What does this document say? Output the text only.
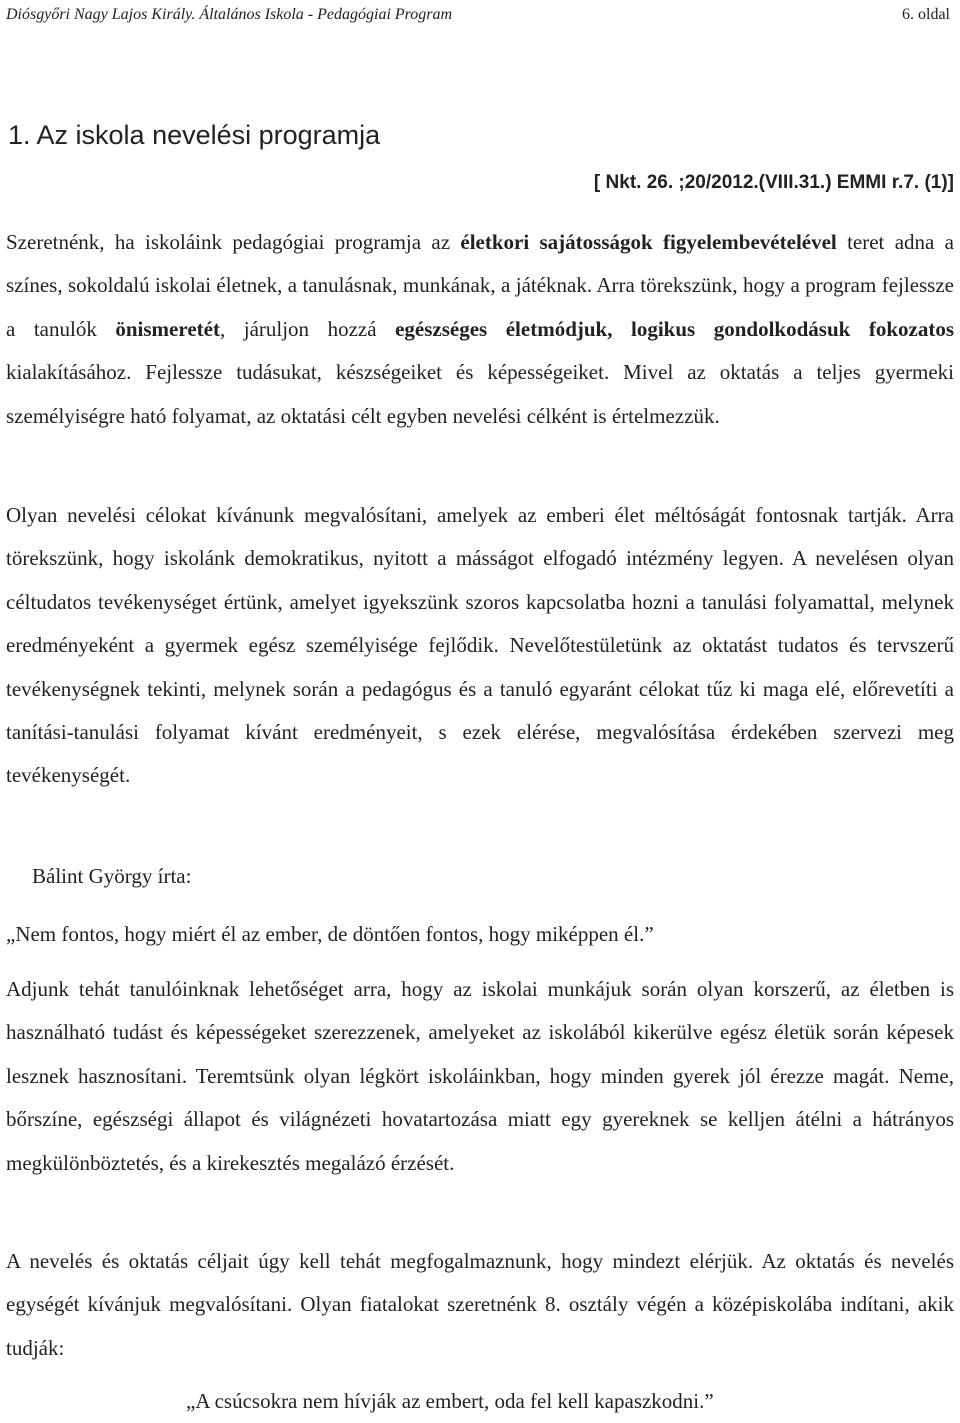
Diósgyőri Nagy Lajos Király. Általános Iskola - Pedagógiai Program	6. oldal
1. Az iskola nevelési programja
[ Nkt. 26. ;20/2012.(VIII.31.) EMMI r.7. (1)]

Szeretnénk, ha iskoláink pedagógiai programja az életkori sajátosságok figyelembevételével teret adna a színes, sokoldalú iskolai életnek, a tanulásnak, munkának, a játéknak. Arra törekszünk, hogy a program fejlessze a tanulók önismeretét, járuljon hozzá egészséges életmódjuk, logikus gondolkodásuk fokozatos kialakításához. Fejlessze tudásukat, készségeiket és képességeiket. Mivel az oktatás a teljes gyermeki személyiségre ható folyamat, az oktatási célt egyben nevelési célként is értelmezzük.

Olyan nevelési célokat kívánunk megvalósítani, amelyek az emberi élet méltóságát fontosnak tartják. Arra törekszünk, hogy iskolánk demokratikus, nyitott a másságot elfogadó intézmény legyen. A nevelésen olyan céltudatos tevékenységet értünk, amelyet igyekszünk szoros kapcsolatba hozni a tanulási folyamattal, melynek eredményeként a gyermek egész személyisége fejlődik. Nevelőtestületünk az oktatást tudatos és tervszerű tevékenységnek tekinti, melynek során a pedagógus és a tanuló egyaránt célokat tűz ki maga elé, előrevetíti a tanítási-tanulási folyamat kívánt eredményeit, s ezek elérése, megvalósítása érdekében szervezi meg tevékenységét.

Bálint György írta:

„Nem fontos, hogy miért él az ember, de döntően fontos, hogy miképpen él.”

Adjunk tehát tanulóinknak lehetőséget arra, hogy az iskolai munkájuk során olyan korszerű, az életben is használható tudást és képességeket szerezzenek, amelyeket az iskolából kikerülve egész életük során képesek lesznek hasznosítani. Teremtsünk olyan légkört iskoláinkban, hogy minden gyerek jól érezze magát. Neme, bőrszíne, egészségi állapot és világnézeti hovatartozása miatt egy gyereknek se kelljen átélni a hátrányos megkülönböztetés, és a kirekesztés megalázó érzését.

A nevelés és oktatás céljait úgy kell tehát megfogalmaznunk, hogy mindezt elérjük. Az oktatás és nevelés egységét kívánjuk megvalósítani. Olyan fiatalokat szeretnénk 8. osztály végén a középiskolába indítani, akik tudják:

„A csúcsokra nem hívják az embert, oda fel kell kapaszkodni.”
